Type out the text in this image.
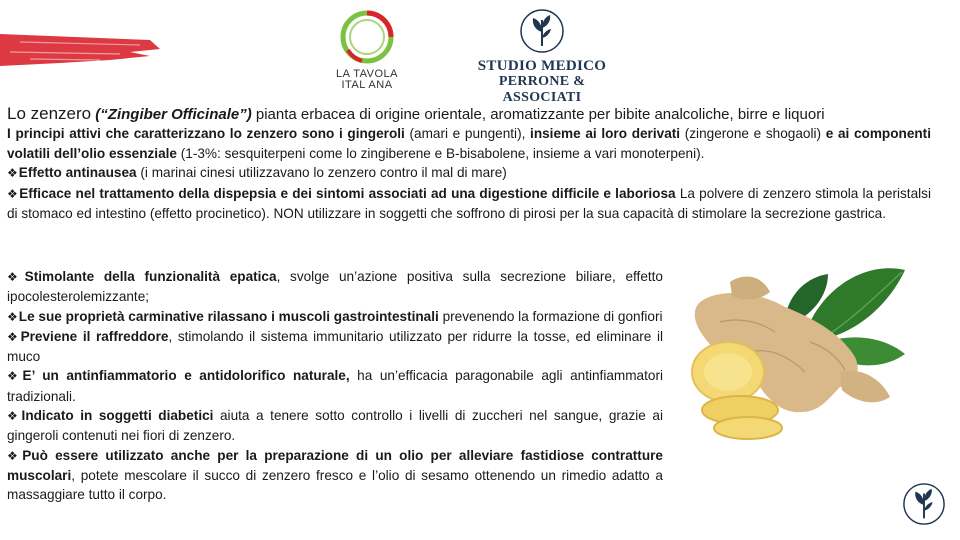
LA TAVOLA
ITAL ANA
STUDIO MEDICO
PERRONE & ASSOCIATI

Lo zenzero (“Zingiber Officinale”) pianta erbacea di origine orientale, aromatizzante per bibite analcoliche, birre e liquori

I principi attivi che caratterizzano lo zenzero sono i gingeroli (amari e pungenti), insieme ai loro derivati (zingerone e shogaoli) e ai componenti volatili dell’olio essenziale (1-3%: sesquiterpeni come lo zingiberene e B-bisabolene, insieme a vari monoterpeni).

❖Effetto antinausea (i marinai cinesi utilizzavano lo zenzero contro il mal di mare)

❖Efficace nel trattamento della dispepsia e dei sintomi associati ad una digestione difficile e laboriosa La polvere di zenzero stimola la peristalsi di stomaco ed intestino (effetto procinetico). NON utilizzare in soggetti che soffrono di pirosi per la sua capacità di stimolare la secrezione gastrica.

❖Stimolante della funzionalità epatica, svolge un’azione positiva sulla secrezione biliare, effetto ipocolesterolemizzante;

❖Le sue proprietà carminative rilassano i muscoli gastrointestinali prevenendo la formazione di gonfiori

❖Previene il raffreddore, stimolando il sistema immunitario utilizzato per ridurre la tosse, ed eliminare il muco

❖E’ un antinfiammatorio e antidolorifico naturale, ha un’efficacia paragonabile agli antinfiammatori tradizionali.

❖Indicato in soggetti diabetici aiuta a tenere sotto controllo i livelli di zuccheri nel sangue, grazie ai gingeroli contenuti nei fiori di zenzero.

❖Può essere utilizzato anche per la preparazione di un olio per alleviare fastidiose contratture muscolari, potete mescolare il succo di zenzero fresco e l’olio di sesamo ottenendo un rimedio adatto a massaggiare tutto il corpo.
